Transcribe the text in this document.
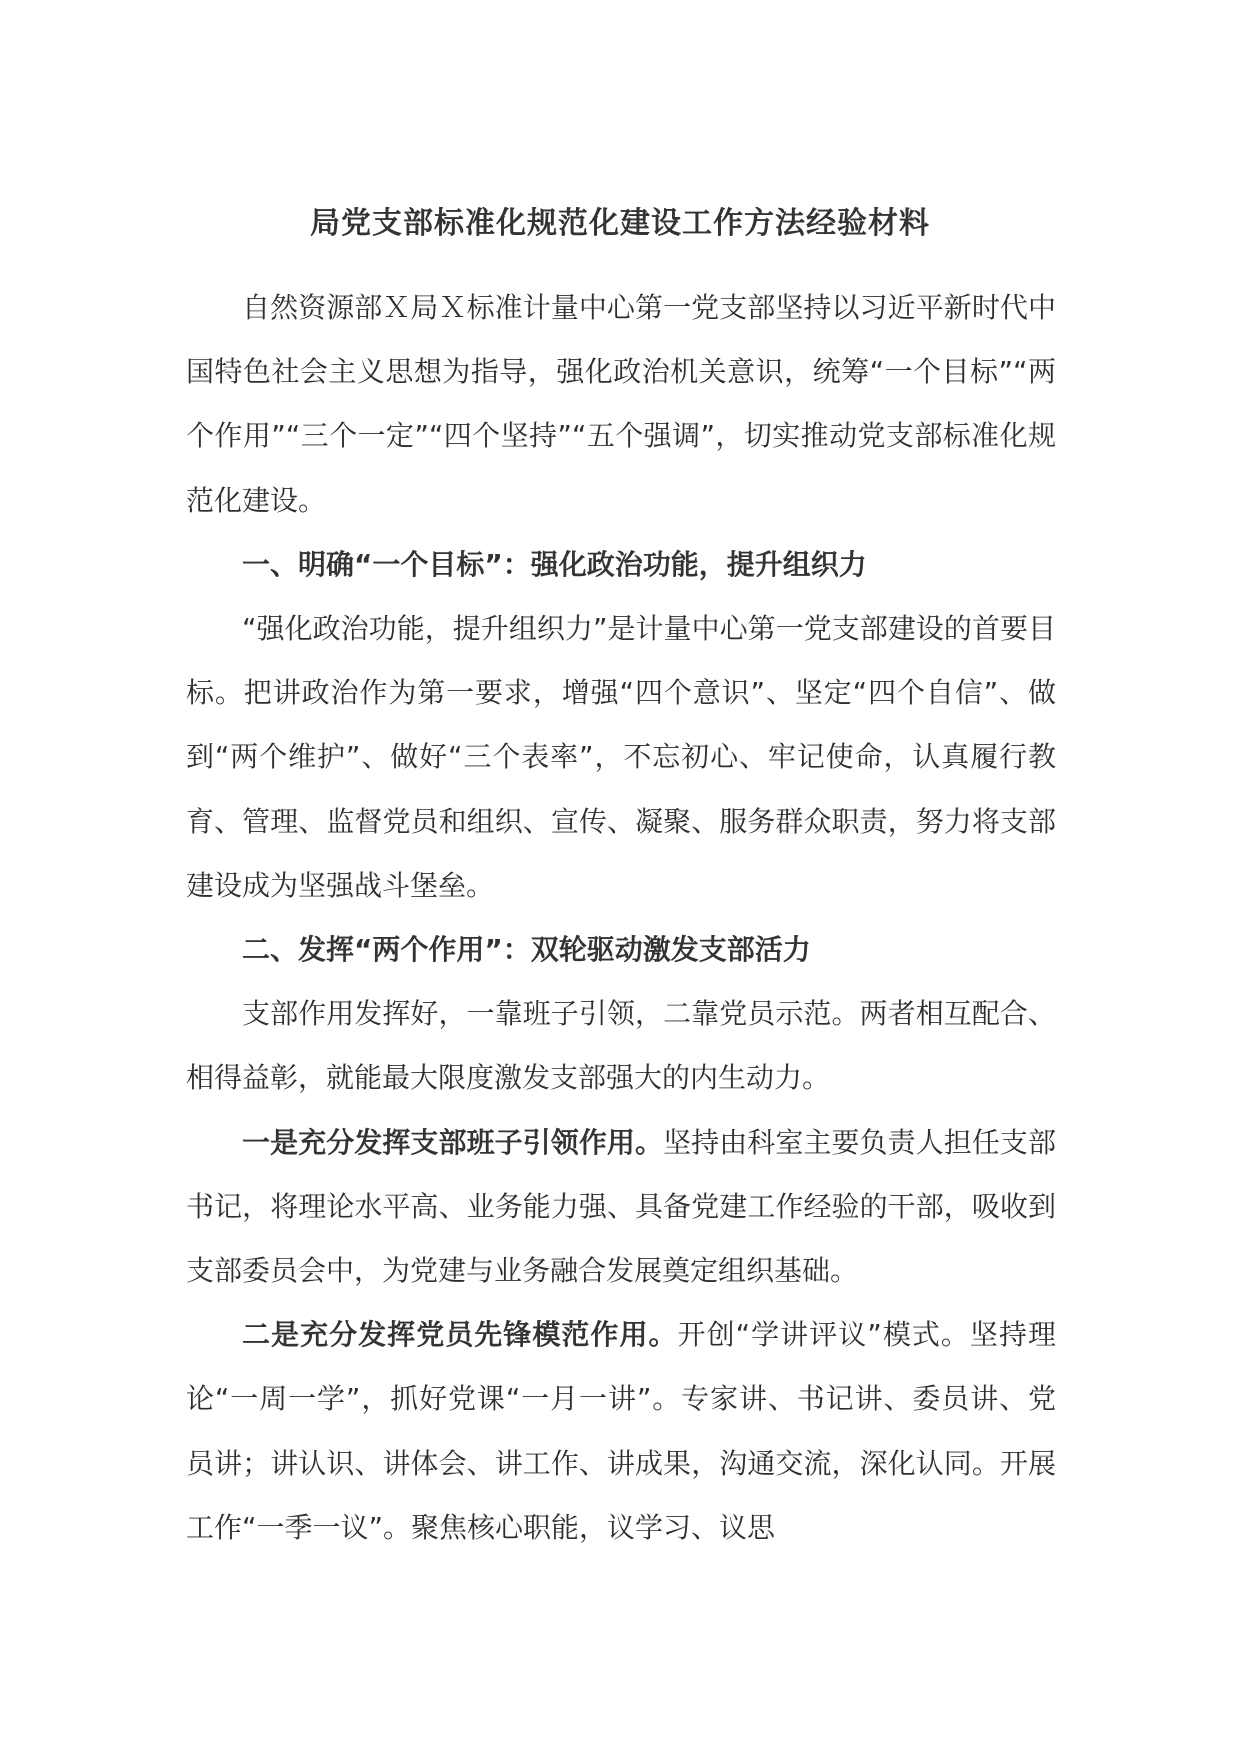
局党支部标准化规范化建设工作方法经验材料

自然资源部Ｘ局Ｘ标准计量中心第一党支部坚持以习近平新时代中国特色社会主义思想为指导，强化政治机关意识，统筹“一个目标”“两个作用”“三个一定”“四个坚持”“五个强调”，切实推动党支部标准化规范化建设。

一、明确“一个目标”：强化政治功能，提升组织力

“强化政治功能，提升组织力”是计量中心第一党支部建设的首要目标。把讲政治作为第一要求，增强“四个意识”、坚定“四个自信”、做到“两个维护”、做好“三个表率”，不忘初心、牢记使命，认真履行教育、管理、监督党员和组织、宣传、凝聚、服务群众职责，努力将支部建设成为坚强战斗堡垒。

二、发挥“两个作用”：双轮驱动激发支部活力

支部作用发挥好，一靠班子引领，二靠党员示范。两者相互配合、相得益彰，就能最大限度激发支部强大的内生动力。

一是充分发挥支部班子引领作用。坚持由科室主要负责人担任支部书记，将理论水平高、业务能力强、具备党建工作经验的干部，吸收到支部委员会中，为党建与业务融合发展奠定组织基础。

二是充分发挥党员先锋模范作用。开创“学讲评议”模式。坚持理论“一周一学”，抓好党课“一月一讲”。专家讲、书记讲、委员讲、党员讲；讲认识、讲体会、讲工作、讲成果，沟通交流，深化认同。开展工作“一季一议”。聚焦核心职能，议学习、议思
